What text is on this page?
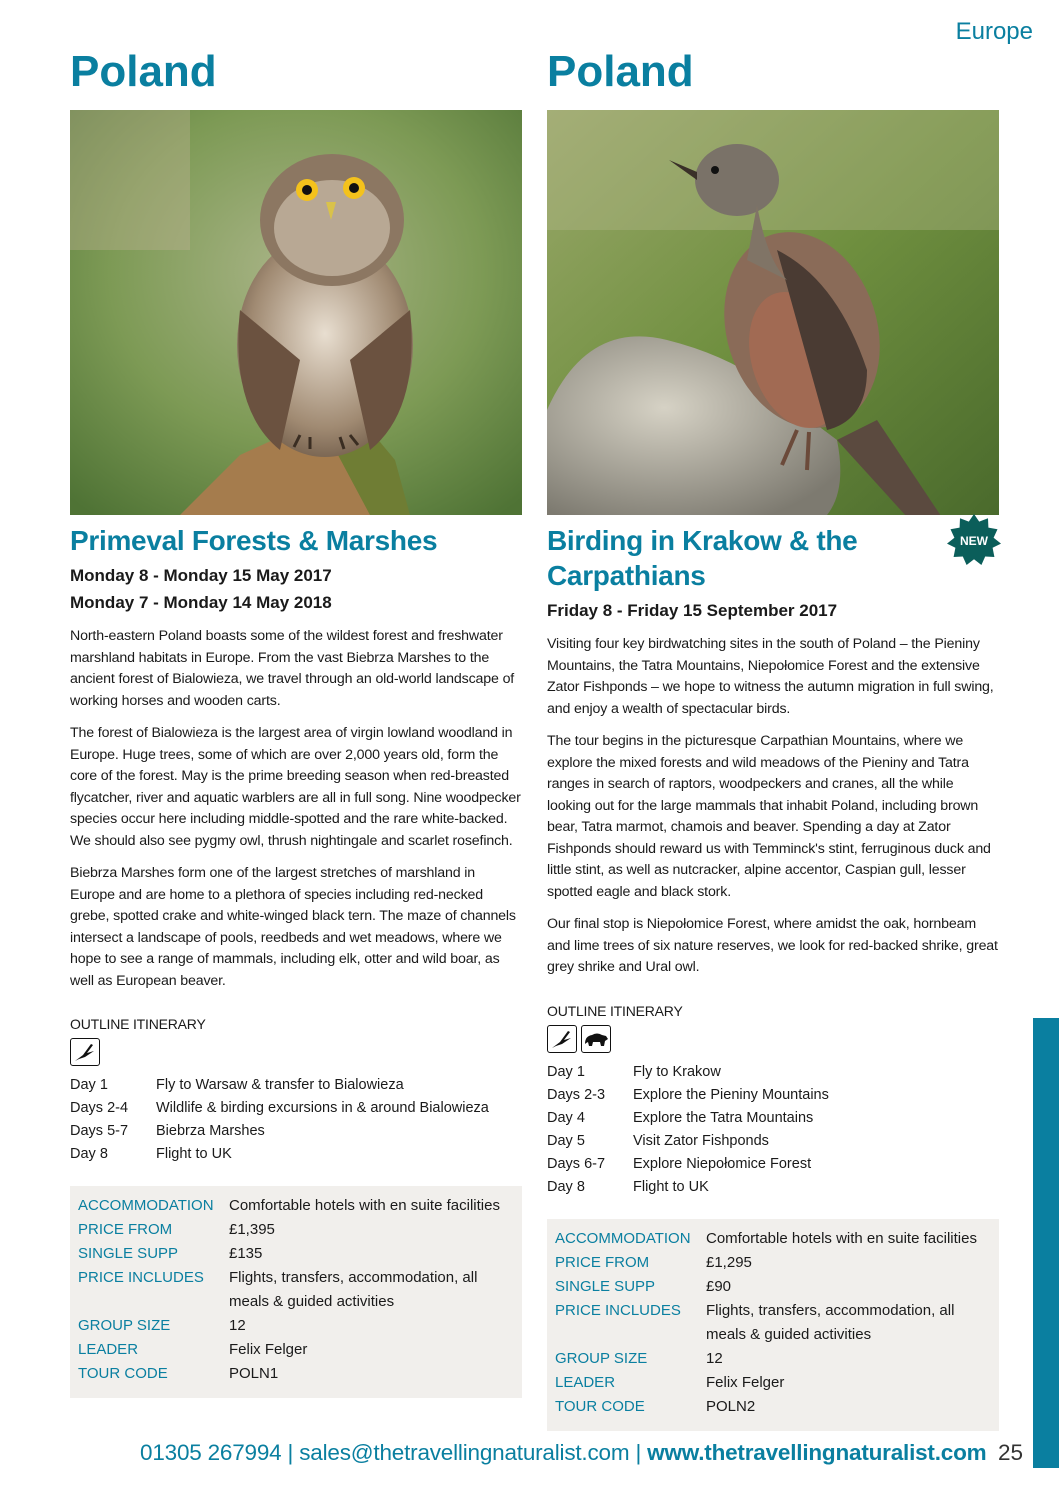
Europe
Poland
Primeval Forests & Marshes
Monday 8 - Monday 15 May 2017
Monday 7 - Monday 14 May 2018

North-eastern Poland boasts some of the wildest forest and freshwater marshland habitats in Europe. From the vast Biebrza Marshes to the ancient forest of Bialowieza, we travel through an old-world landscape of working horses and wooden carts.

The forest of Bialowieza is the largest area of virgin lowland woodland in Europe. Huge trees, some of which are over 2,000 years old, form the core of the forest. May is the prime breeding season when red-breasted flycatcher, river and aquatic warblers are all in full song. Nine woodpecker species occur here including middle-spotted and the rare white-backed. We should also see pygmy owl, thrush nightingale and scarlet rosefinch.

Biebrza Marshes form one of the largest stretches of marshland in Europe and are home to a plethora of species including red-necked grebe, spotted crake and white-winged black tern. The maze of channels intersect a landscape of pools, reedbeds and wet meadows, where we hope to see a range of mammals, including elk, otter and wild boar, as well as European beaver.

OUTLINE ITINERARY
Day 1	Fly to Warsaw & transfer to Bialowieza
Days 2-4	Wildlife & birding excursions in & around Bialowieza
Days 5-7	Biebrza Marshes
Day 8	Flight to UK
ACCOMMODATION	Comfortable hotels with en suite facilities
PRICE FROM	£1,395
SINGLE SUPP	£135
PRICE INCLUDES	Flights, transfers, accommodation, all meals & guided activities
GROUP SIZE	12
LEADER	Felix Felger
TOUR CODE	POLN1
Poland
NEW
Birding in Krakow & the Carpathians
Friday 8 - Friday 15 September 2017

Visiting four key birdwatching sites in the south of Poland – the Pieniny Mountains, the Tatra Mountains, Niepołomice Forest and the extensive Zator Fishponds – we hope to witness the autumn migration in full swing, and enjoy a wealth of spectacular birds.

The tour begins in the picturesque Carpathian Mountains, where we explore the mixed forests and wild meadows of the Pieniny and Tatra ranges in search of raptors, woodpeckers and cranes, all the while looking out for the large mammals that inhabit Poland, including brown bear, Tatra marmot, chamois and beaver. Spending a day at Zator Fishponds should reward us with Temminck's stint, ferruginous duck and little stint, as well as nutcracker, alpine accentor, Caspian gull, lesser spotted eagle and black stork.

Our final stop is Niepołomice Forest, where amidst the oak, hornbeam and lime trees of six nature reserves, we look for red-backed shrike, great grey shrike and Ural owl.

OUTLINE ITINERARY
Day 1	Fly to Krakow
Days 2-3	Explore the Pieniny Mountains
Day 4	Explore the Tatra Mountains
Day 5	Visit Zator Fishponds
Days 6-7	Explore Niepołomice Forest
Day 8	Flight to UK
ACCOMMODATION	Comfortable hotels with en suite facilities
PRICE FROM	£1,295
SINGLE SUPP	£90
PRICE INCLUDES	Flights, transfers, accommodation, all meals & guided activities
GROUP SIZE	12
LEADER	Felix Felger
TOUR CODE	POLN2
01305 267994 | sales@thetravellingnaturalist.com | www.thetravellingnaturalist.com 25
